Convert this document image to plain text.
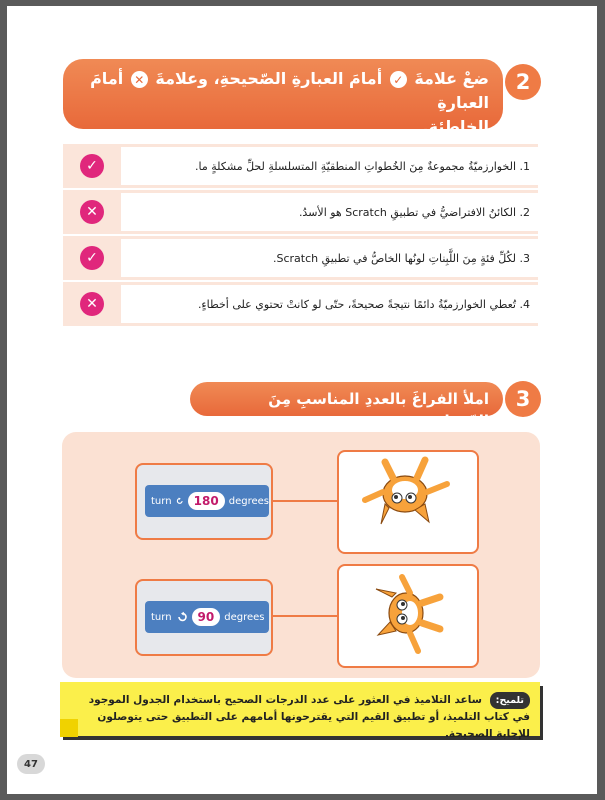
2
ضعْ علامةَ ✓ أمامَ العبارةِ الصّحيحةِ، وعلامةَ ✕ أمامَ العبارةِ
الخاطئةِ.
✓	1. الخوارزميّةُ مجموعةٌ مِنَ الخُطواتِ المنطقيّةِ المتسلسلةِ لحلِّ مشكلةٍ ما.
✕	2. الكائنُ الافتراضيُّ في تطبيقِ Scratch هو الأسدُ.
✓	3. لكُلِّ فئةٍ مِنَ اللَّبِناتِ لونُها الخاصُّ في تطبيقِ Scratch.
✕	4. تُعطي الخوارزميّةُ دائمًا نتيجةً صحيحةً، حتّى لو كانتْ تحتوي على أخطاءٍ.
3
املأ الفراغَ بالعددِ المناسبِ مِنَ الدّرجاتِ.
turn	180	degrees
turn	90	degrees
تلميح: ساعد التلاميذ في العثور على عدد الدرجات الصحيح باستخدام الجدول الموجود في كتاب التلميذ، أو تطبيق القيم التي يقترحونها أمامهم على التطبيق حتى يتوصلون للإجابة الصحيحة.
47
